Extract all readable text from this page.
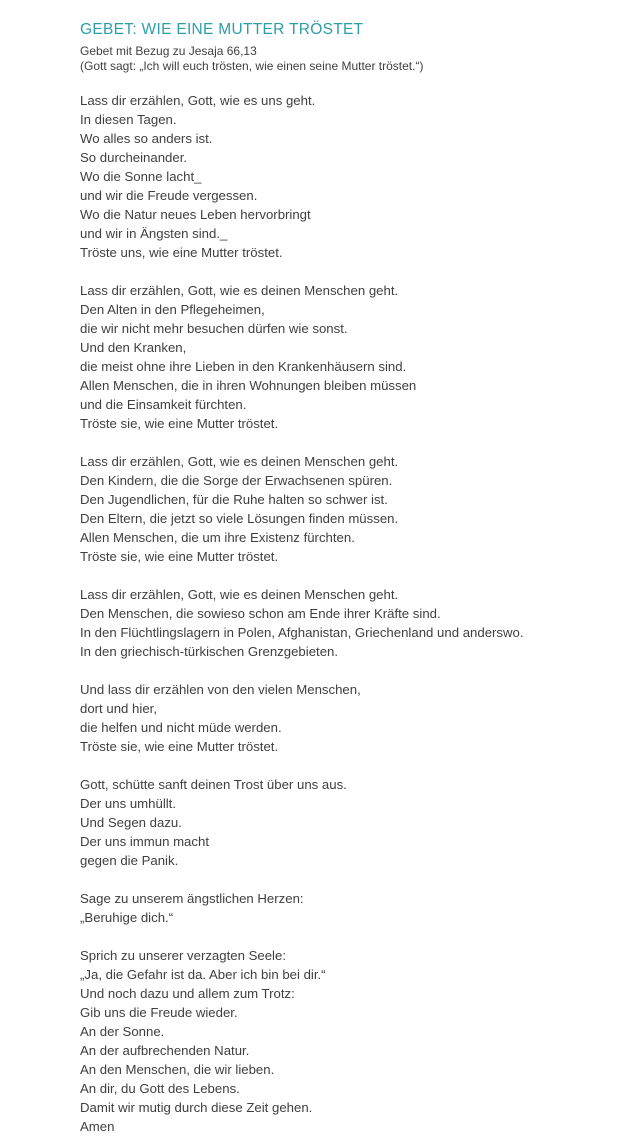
GEBET: WIE EINE MUTTER TRÖSTET

Gebet mit Bezug zu Jesaja 66,13

(Gott sagt: „Ich will euch trösten, wie einen seine Mutter tröstet.“)

Lass dir erzählen, Gott, wie es uns geht.
In diesen Tagen.
Wo alles so anders ist.
So durcheinander.
Wo die Sonne lacht_
und wir die Freude vergessen.
Wo die Natur neues Leben hervorbringt
und wir in Ängsten sind._
Tröste uns, wie eine Mutter tröstet.

Lass dir erzählen, Gott, wie es deinen Menschen geht.
Den Alten in den Pflegeheimen,
die wir nicht mehr besuchen dürfen wie sonst.
Und den Kranken,
die meist ohne ihre Lieben in den Krankenhäusern sind.
Allen Menschen, die in ihren Wohnungen bleiben müssen
und die Einsamkeit fürchten.
Tröste sie, wie eine Mutter tröstet.

Lass dir erzählen, Gott, wie es deinen Menschen geht.
Den Kindern, die die Sorge der Erwachsenen spüren.
Den Jugendlichen, für die Ruhe halten so schwer ist.
Den Eltern, die jetzt so viele Lösungen finden müssen.
Allen Menschen, die um ihre Existenz fürchten.
Tröste sie, wie eine Mutter tröstet.

Lass dir erzählen, Gott, wie es deinen Menschen geht.
Den Menschen, die sowieso schon am Ende ihrer Kräfte sind.
In den Flüchtlingslagern in Polen, Afghanistan, Griechenland und anderswo.
In den griechisch-türkischen Grenzgebieten.

Und lass dir erzählen von den vielen Menschen,
dort und hier,
die helfen und nicht müde werden.
Tröste sie, wie eine Mutter tröstet.

Gott, schütte sanft deinen Trost über uns aus.
Der uns umhüllt.
Und Segen dazu.
Der uns immun macht
gegen die Panik.

Sage zu unserem ängstlichen Herzen:
„Beruhige dich.“

Sprich zu unserer verzagten Seele:
„Ja, die Gefahr ist da. Aber ich bin bei dir.“
Und noch dazu und allem zum Trotz:
Gib uns die Freude wieder.
An der Sonne.
An der aufbrechenden Natur.
An den Menschen, die wir lieben.
An dir, du Gott des Lebens.
Damit wir mutig durch diese Zeit gehen.
Amen
